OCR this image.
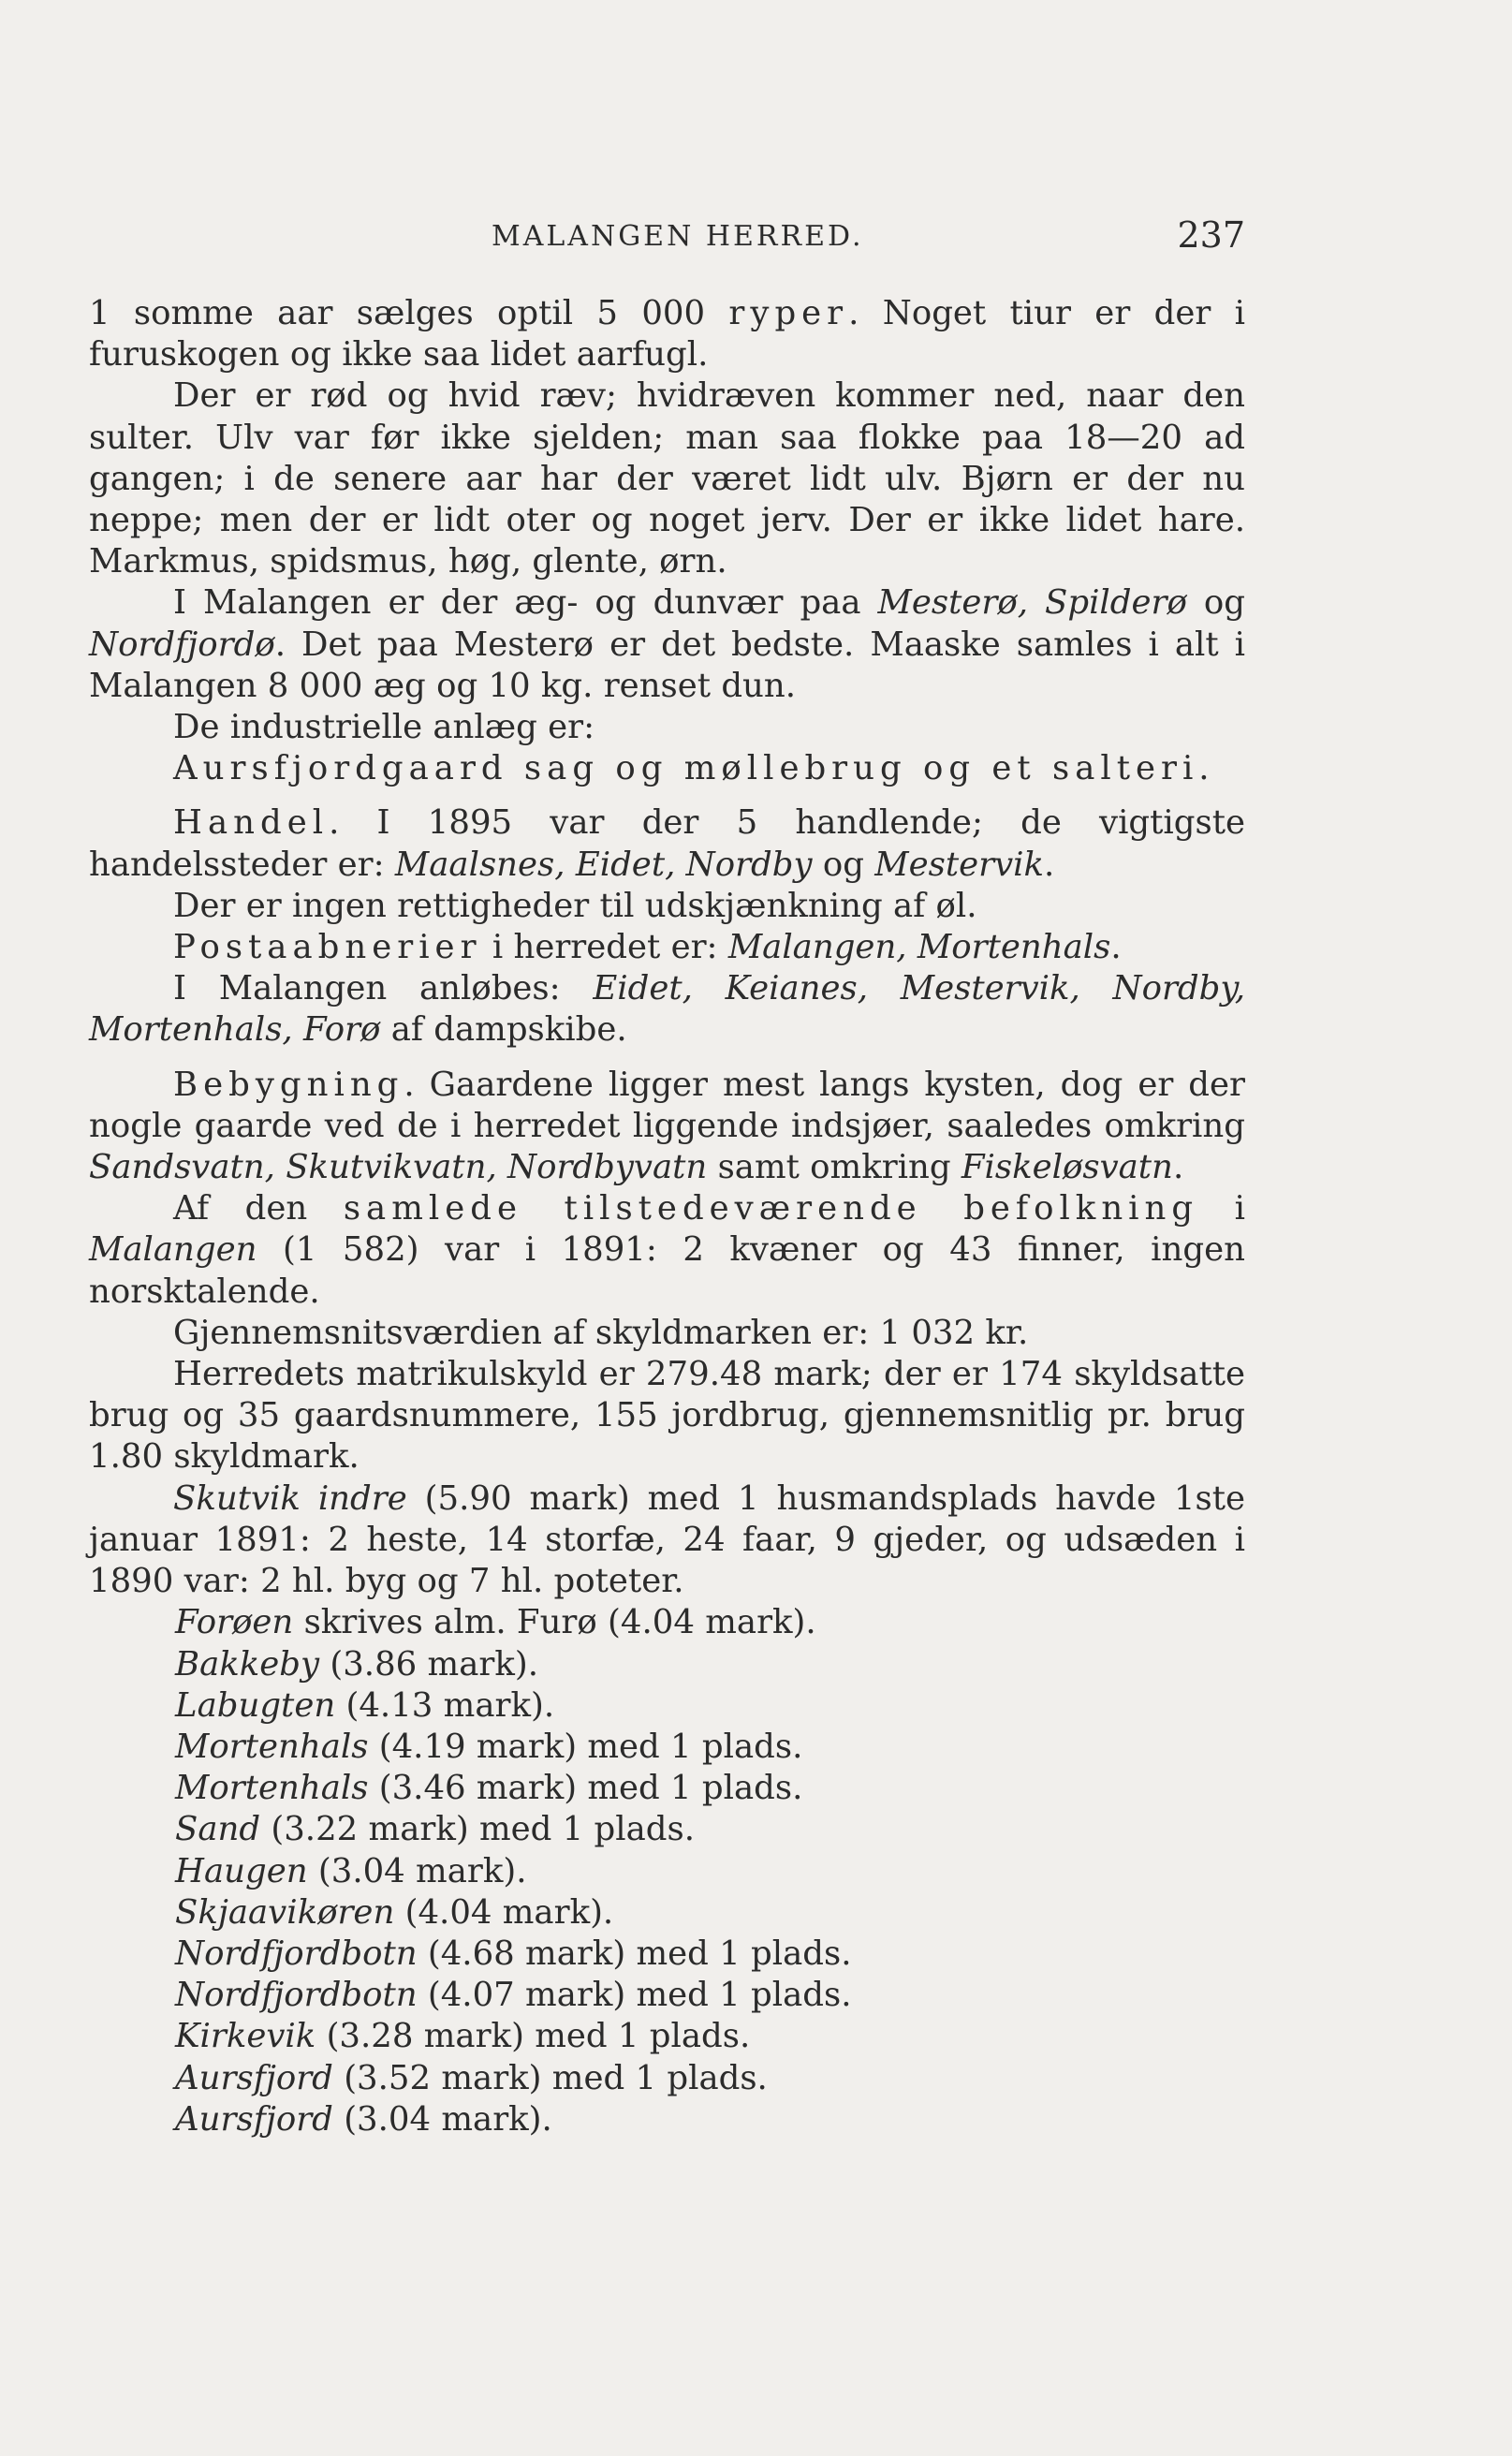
MALANGEN HERRED.	237

1 somme aar sælges optil 5 000 ryper. Noget tiur er der i furuskogen og ikke saa lidet aarfugl.

Der er rød og hvid ræv; hvidræven kommer ned, naar den sulter. Ulv var før ikke sjelden; man saa flokke paa 18—20 ad gangen; i de senere aar har der været lidt ulv. Bjørn er der nu neppe; men der er lidt oter og noget jerv. Der er ikke lidet hare. Markmus, spidsmus, høg, glente, ørn.

I Malangen er der æg- og dunvær paa Mesterø, Spilderø og Nordfjordø. Det paa Mesterø er det bedste. Maaske samles i alt i Malangen 8 000 æg og 10 kg. renset dun.

De industrielle anlæg er:

Aursfjordgaard sag og møllebrug og et salteri.

Handel. I 1895 var der 5 handlende; de vigtigste handelssteder er: Maalsnes, Eidet, Nordby og Mestervik.

Der er ingen rettigheder til udskjænkning af øl.

Postaabnerier i herredet er: Malangen, Mortenhals.

I Malangen anløbes: Eidet, Keianes, Mestervik, Nordby, Mortenhals, Forø af dampskibe.

Bebygning. Gaardene ligger mest langs kysten, dog er der nogle gaarde ved de i herredet liggende indsjøer, saaledes omkring Sandsvatn, Skutvikvatn, Nordbyvatn samt omkring Fiskeløsvatn.

Af den samlede tilstedeværende befolkning i Malangen (1 582) var i 1891: 2 kvæner og 43 finner, ingen norsktalende.

Gjennemsnitsværdien af skyldmarken er: 1 032 kr.

Herredets matrikulskyld er 279.48 mark; der er 174 skyldsatte brug og 35 gaardsnummere, 155 jordbrug, gjennemsnitlig pr. brug 1.80 skyldmark.

Skutvik indre (5.90 mark) med 1 husmandsplads havde 1ste januar 1891: 2 heste, 14 storfæ, 24 faar, 9 gjeder, og udsæden i 1890 var: 2 hl. byg og 7 hl. poteter.

Forøen skrives alm. Furø (4.04 mark).

Bakkeby (3.86 mark).

Labugten (4.13 mark).

Mortenhals (4.19 mark) med 1 plads.

Mortenhals (3.46 mark) med 1 plads.

Sand (3.22 mark) med 1 plads.

Haugen (3.04 mark).

Skjaavikøren (4.04 mark).

Nordfjordbotn (4.68 mark) med 1 plads.

Nordfjordbotn (4.07 mark) med 1 plads.

Kirkevik (3.28 mark) med 1 plads.

Aursfjord (3.52 mark) med 1 plads.

Aursfjord (3.04 mark).
